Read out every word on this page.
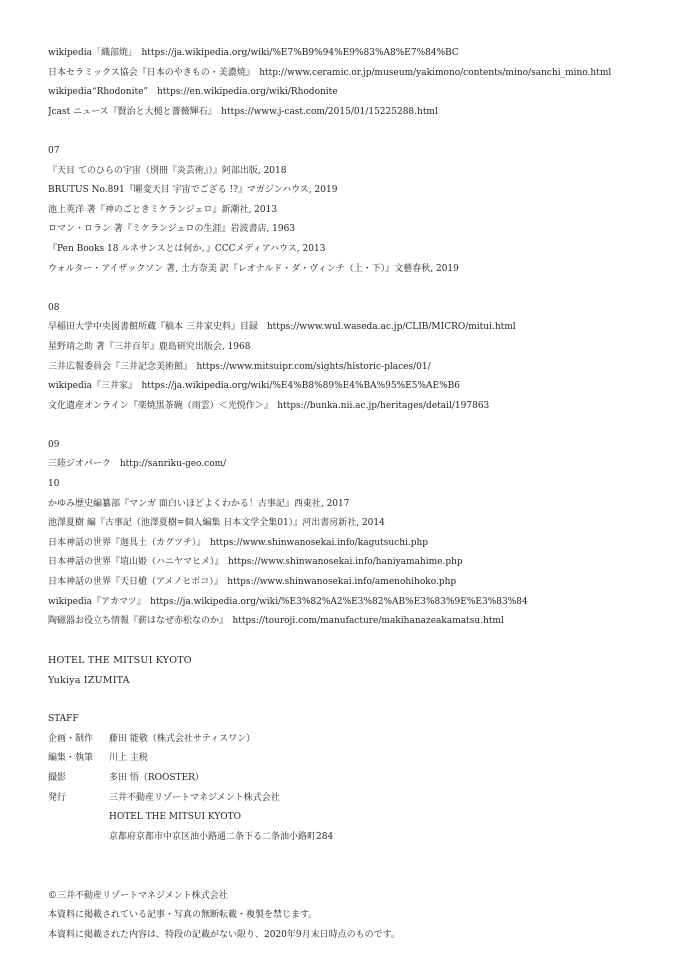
wikipedia「織部焼」　https://ja.wikipedia.org/wiki/%E7%B9%94%E9%83%A8%E7%84%BC
日本セラミックス協会『日本のやきもの・美濃焼』　http://www.ceramic.or.jp/museum/yakimono/contents/mino/sanchi_mino.html
wikipedia“Rhodonite”　https://en.wikipedia.org/wiki/Rhodonite
Jcast ニュース『賢治と大槌と薔薇輝石』　https://www.j-cast.com/2015/01/15225288.html
07
『天目 てのひらの宇宙（別冊『炎芸術』）』阿部出版, 2018
BRUTUS No.891『曜変天目 宇宙でござる !?』マガジンハウス, 2019
池上英洋 著『神のごときミケランジェロ』新潮社, 2013
ロマン・ロラン 著『ミケランジェロの生涯』岩波書店, 1963
『Pen Books 18 ルネサンスとは何か。』CCCメディアハウス, 2013
ウォルター・アイザックソン 著, 土方奈美 訳『レオナルド・ダ・ヴィンチ（上・下）』文藝春秋, 2019
08
早稲田大学中央図書館所蔵『稿本 三井家史料』目録　https://www.wul.waseda.ac.jp/CLIB/MICRO/mitui.html
星野靖之助 著『三井百年』鹿島研究出版会, 1968
三井広報委員会『三井記念美術館』　https://www.mitsuipr.com/sights/historic-places/01/
wikipedia『三井家』　https://ja.wikipedia.org/wiki/%E4%B8%89%E4%BA%95%E5%AE%B6
文化遺産オンライン『楽焼黒茶碗（雨雲）＜光悦作＞』　https://bunka.nii.ac.jp/heritages/detail/197863
09
三陸ジオパーク　http://sanriku-geo.com/
10
かゆみ歴史編纂部『マンガ 面白いほどよくわかる！古事記』西東社, 2017
池澤夏樹 編『古事記（池澤夏樹=個人編集 日本文学全集01）』河出書房新社, 2014
日本神話の世界『迦具土（カグツチ）』　https://www.shinwanosekai.info/kagutsuchi.php
日本神話の世界『埴山姫（ハニヤマヒメ）』　https://www.shinwanosekai.info/haniyamahime.php
日本神話の世界『天日槍（アメノヒボコ）』　https://www.shinwanosekai.info/amenohihoko.php
wikipedia『アカマツ』　https://ja.wikipedia.org/wiki/%E3%82%A2%E3%82%AB%E3%83%9E%E3%83%84
陶磁器お役立ち情報『薪はなぜ赤松なのか』　https://touroji.com/manufacture/makihanazeakamatsu.html
HOTEL THE MITSUI KYOTO
Yukiya IZUMITA
STAFF
企画・制作	藤田 能敬（株式会社サティスワン）
編集・執筆	川上 主税
撮影	多田 悟（ROOSTER）
発行	三井不動産リゾートマネジメント株式会社
HOTEL THE MITSUI KYOTO
京都府京都市中京区油小路通二条下る二条油小路町284
©三井不動産リゾートマネジメント株式会社
本資料に掲載されている記事・写真の無断転載・複製を禁じます。
本資料に掲載された内容は、特段の記載がない限り、2020年9月末日時点のものです。
